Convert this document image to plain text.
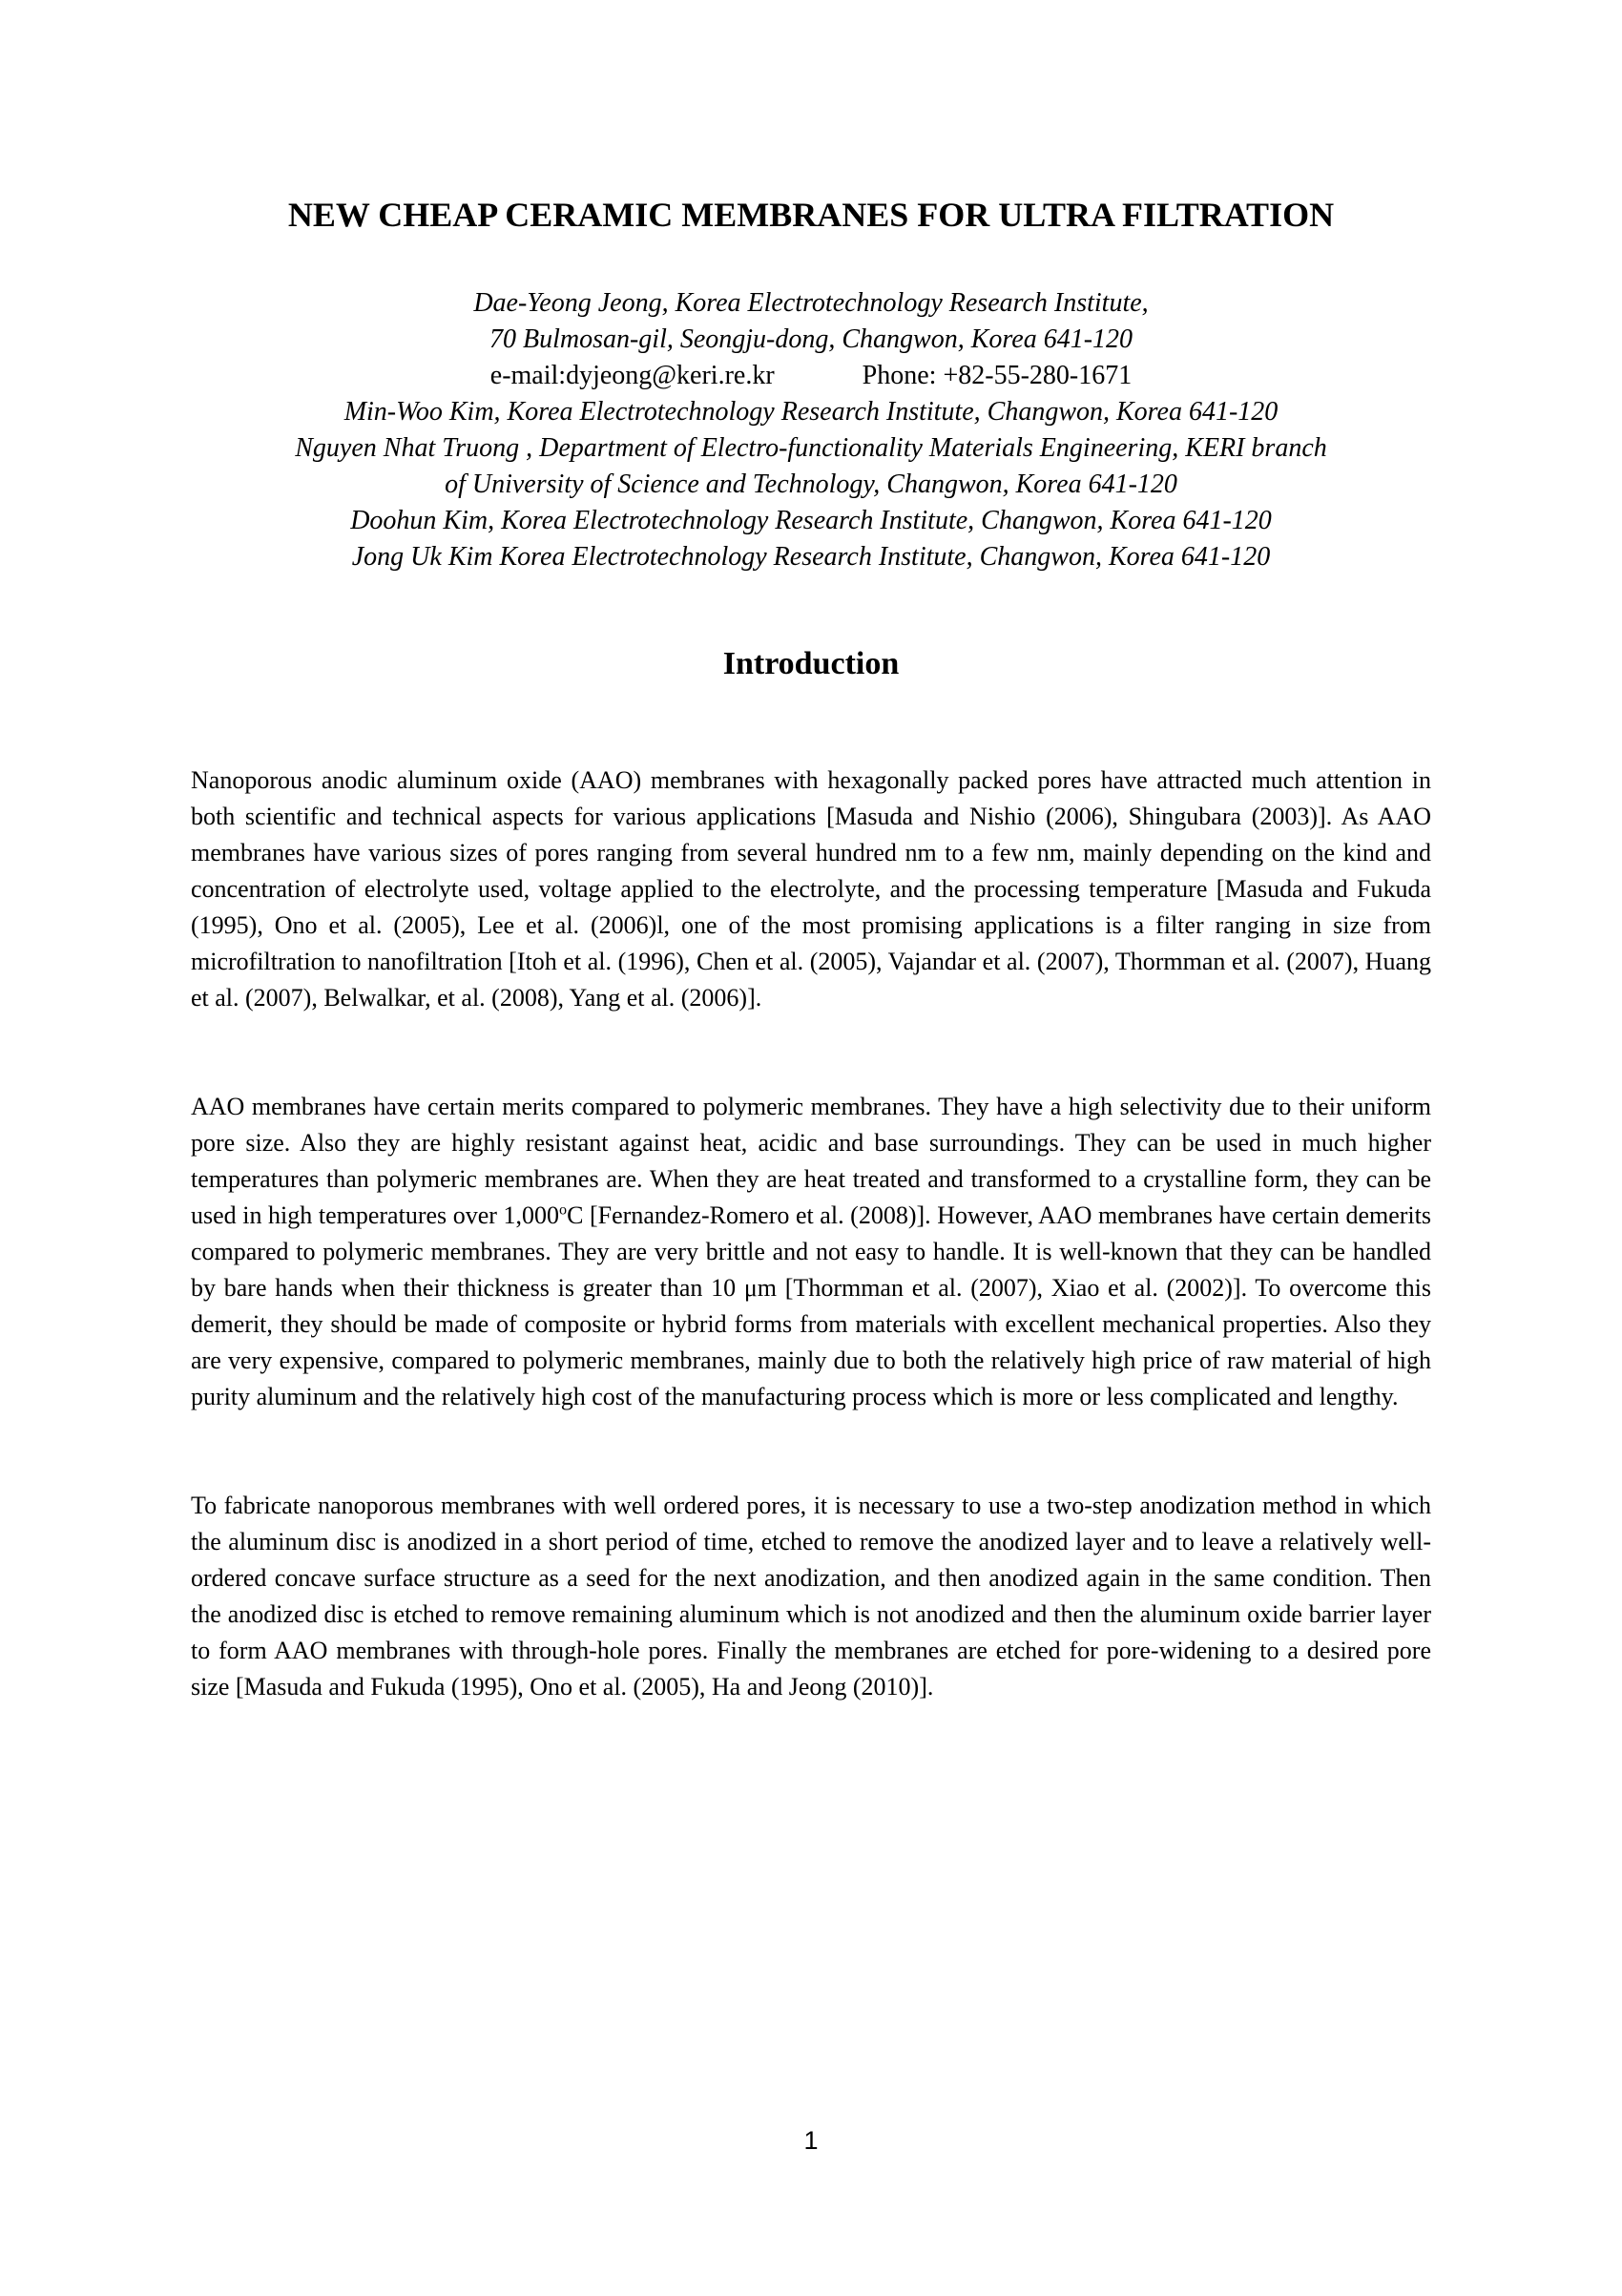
NEW CHEAP CERAMIC MEMBRANES FOR ULTRA FILTRATION
Dae-Yeong Jeong, Korea Electrotechnology Research Institute,
70 Bulmosan-gil, Seongju-dong, Changwon, Korea 641-120
e-mail:dyjeong@keri.re.kr	Phone: +82-55-280-1671
Min-Woo Kim, Korea Electrotechnology Research Institute, Changwon, Korea 641-120
Nguyen Nhat Truong , Department of Electro-functionality Materials Engineering, KERI branch
of University of Science and Technology, Changwon, Korea 641-120
Doohun Kim, Korea Electrotechnology Research Institute, Changwon, Korea 641-120
Jong Uk Kim Korea Electrotechnology Research Institute, Changwon, Korea 641-120
Introduction

Nanoporous anodic aluminum oxide (AAO) membranes with hexagonally packed pores have attracted much attention in both scientific and technical aspects for various applications [Masuda and Nishio (2006), Shingubara (2003)]. As AAO membranes have various sizes of pores ranging from several hundred nm to a few nm, mainly depending on the kind and concentration of electrolyte used, voltage applied to the electrolyte, and the processing temperature [Masuda and Fukuda (1995), Ono et al. (2005), Lee et al. (2006)l, one of the most promising applications is a filter ranging in size from microfiltration to nanofiltration [Itoh et al. (1996), Chen et al. (2005), Vajandar et al. (2007), Thormman et al. (2007), Huang et al. (2007), Belwalkar, et al. (2008), Yang et al. (2006)].

AAO membranes have certain merits compared to polymeric membranes. They have a high selectivity due to their uniform pore size. Also they are highly resistant against heat, acidic and base surroundings. They can be used in much higher temperatures than polymeric membranes are. When they are heat treated and transformed to a crystalline form, they can be used in high temperatures over 1,000$^o$C [Fernandez-Romero et al. (2008)]. However, AAO membranes have certain demerits compared to polymeric membranes. They are very brittle and not easy to handle. It is well-known that they can be handled by bare hands when their thickness is greater than 10 μm [Thormman et al. (2007), Xiao et al. (2002)]. To overcome this demerit, they should be made of composite or hybrid forms from materials with excellent mechanical properties. Also they are very expensive, compared to polymeric membranes, mainly due to both the relatively high price of raw material of high purity aluminum and the relatively high cost of the manufacturing process which is more or less complicated and lengthy.

To fabricate nanoporous membranes with well ordered pores, it is necessary to use a two-step anodization method in which the aluminum disc is anodized in a short period of time, etched to remove the anodized layer and to leave a relatively well-ordered concave surface structure as a seed for the next anodization, and then anodized again in the same condition. Then the anodized disc is etched to remove remaining aluminum which is not anodized and then the aluminum oxide barrier layer to form AAO membranes with through-hole pores. Finally the membranes are etched for pore-widening to a desired pore size [Masuda and Fukuda (1995), Ono et al. (2005), Ha and Jeong (2010)].

1
